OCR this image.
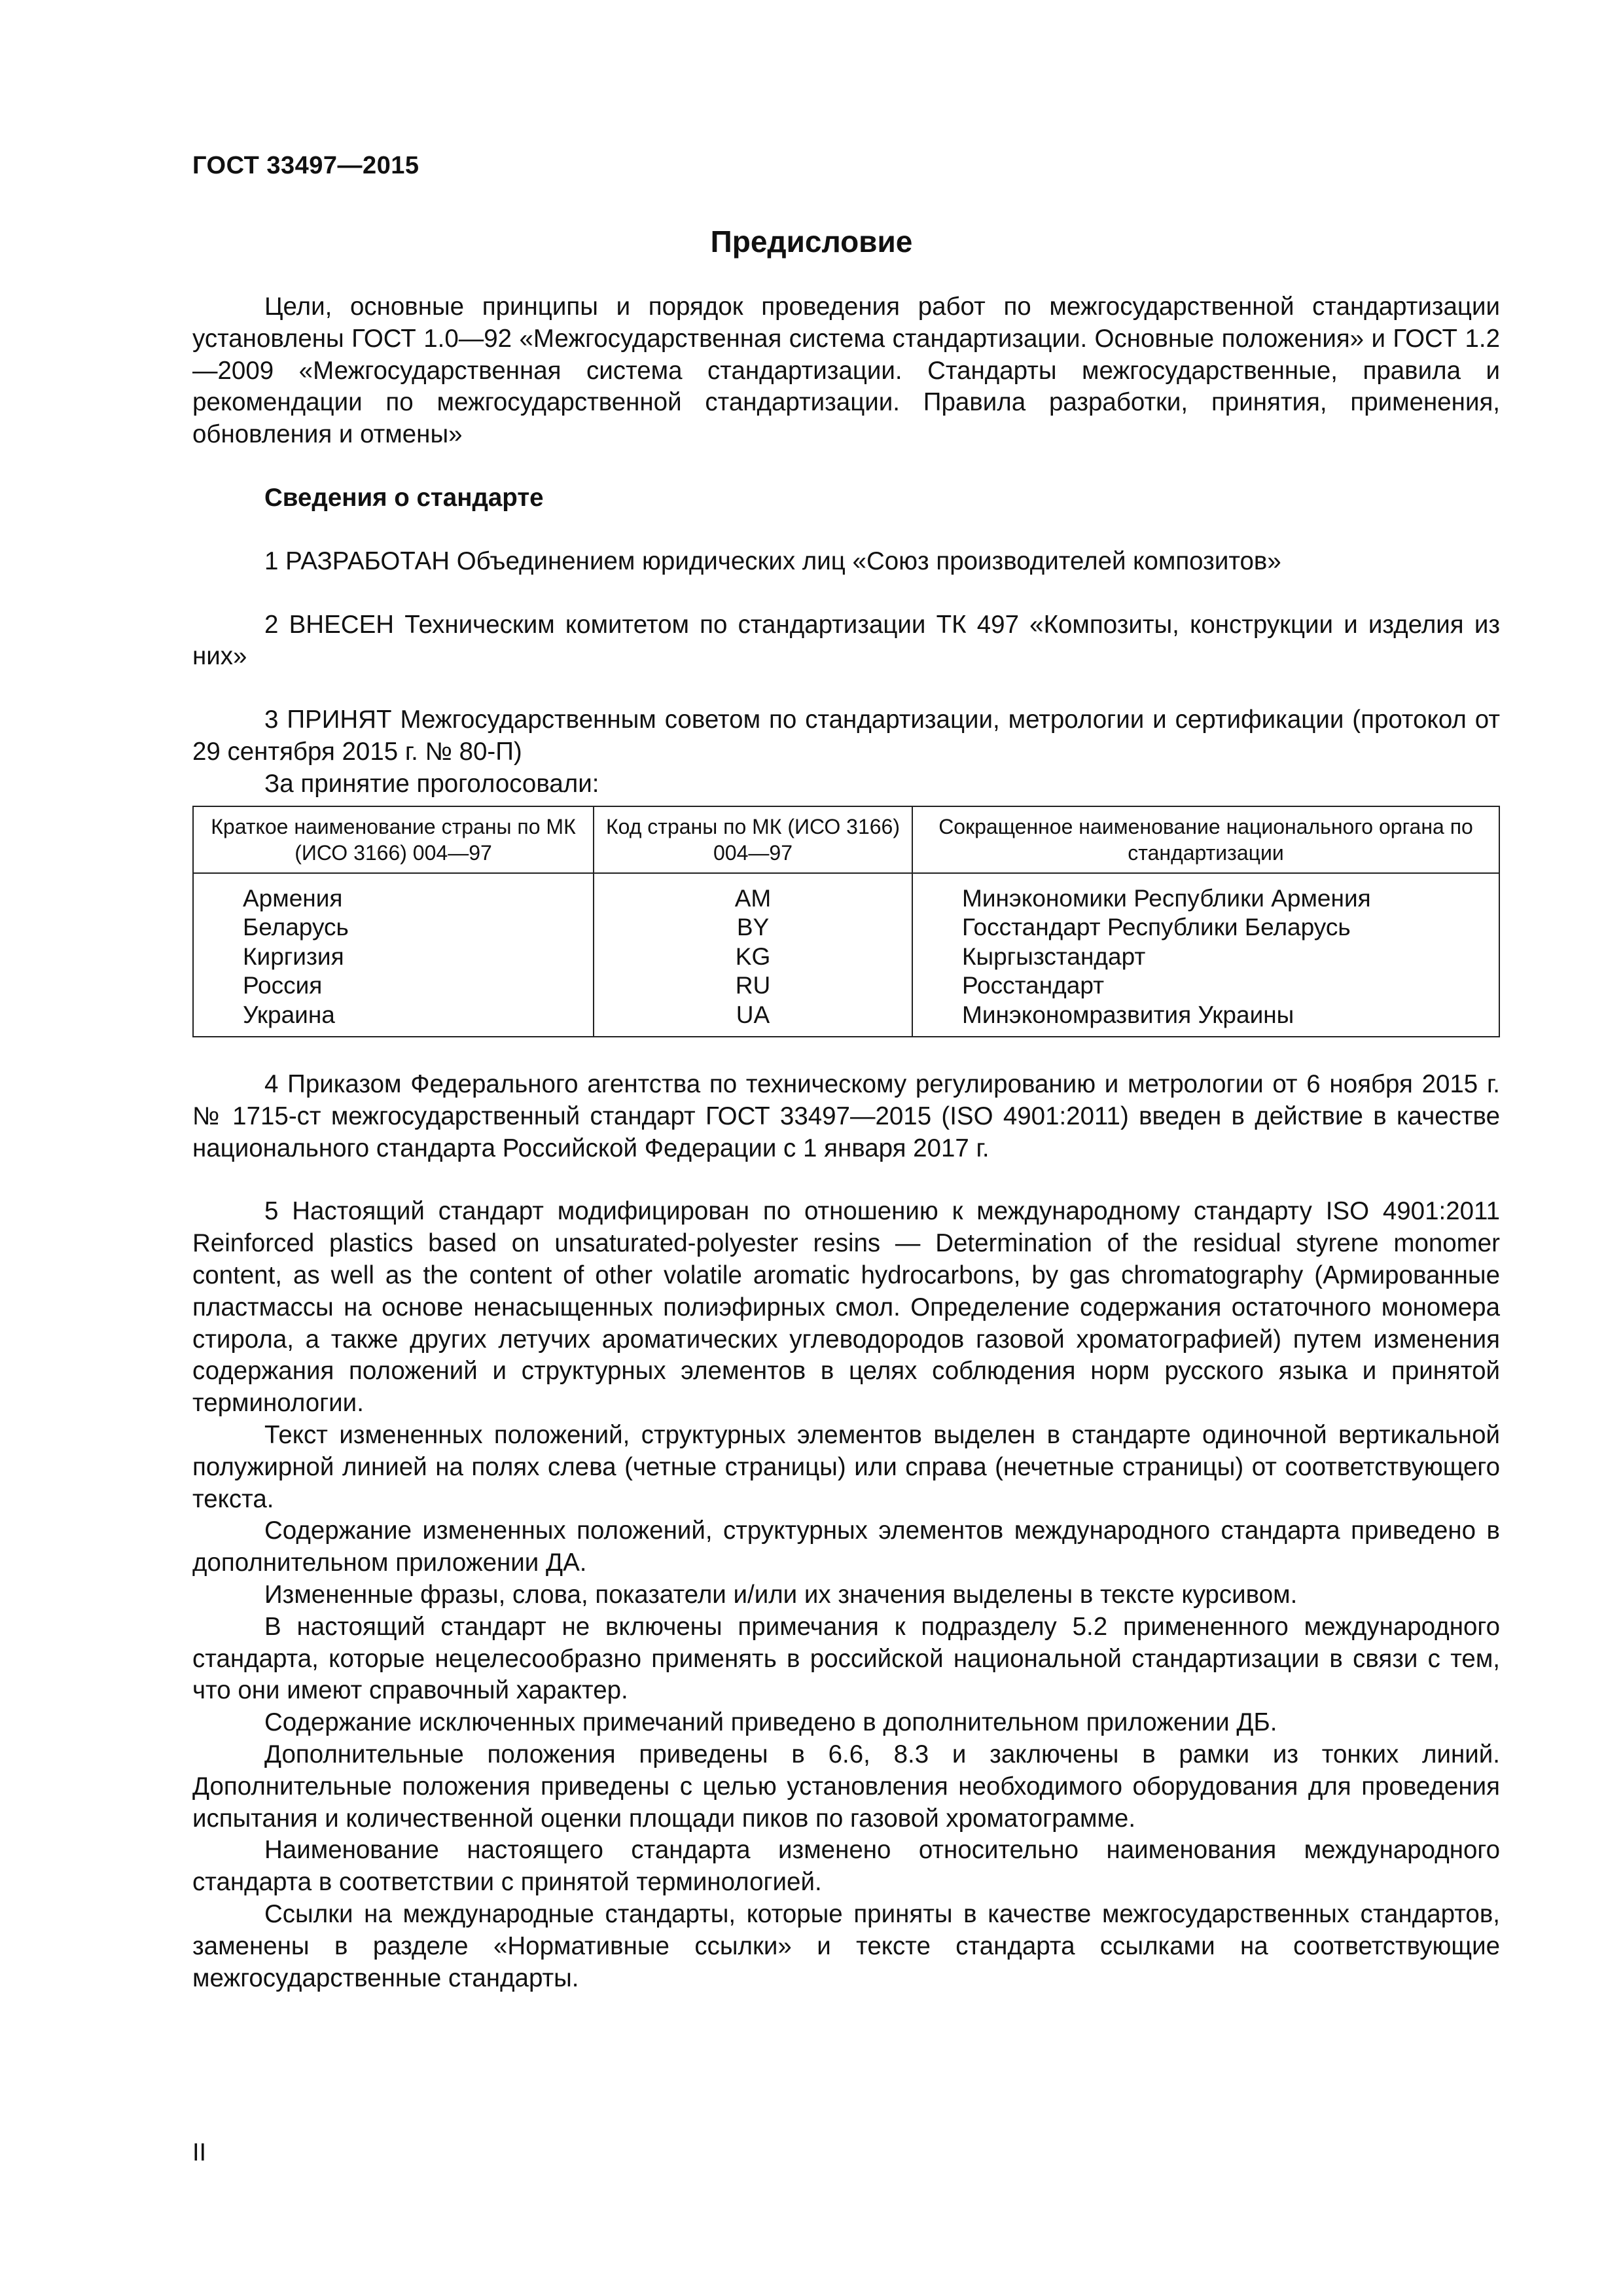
ГОСТ 33497—2015
Предисловие

Цели, основные принципы и порядок проведения работ по межгосударственной стандартизации установлены ГОСТ 1.0—92 «Межгосударственная система стандартизации. Основные положения» и ГОСТ 1.2—2009 «Межгосударственная система стандартизации. Стандарты межгосударственные, правила и рекомендации по межгосударственной стандартизации. Правила разработки, принятия, применения, обновления и отмены»

Сведения о стандарте

1 РАЗРАБОТАН Объединением юридических лиц «Союз производителей композитов»

2 ВНЕСЕН Техническим комитетом по стандартизации ТК 497 «Композиты, конструкции и изделия из них»

3 ПРИНЯТ Межгосударственным советом по стандартизации, метрологии и сертификации (протокол от 29 сентября 2015 г. № 80-П)

За принятие проголосовали:

Краткое наименование страны по МК (ИСО 3166) 004—97	Код страны по МК (ИСО 3166) 004—97	Сокращенное наименование национального органа по стандартизации
Армения	AM	Минэкономики Республики Армения
Беларусь	BY	Госстандарт Республики Беларусь
Киргизия	KG	Кыргызстандарт
Россия	RU	Росстандарт
Украина	UA	Минэкономразвития Украины

4 Приказом Федерального агентства по техническому регулированию и метрологии от 6 ноября 2015 г. № 1715-ст межгосударственный стандарт ГОСТ 33497—2015 (ISO 4901:2011) введен в действие в качестве национального стандарта Российской Федерации с 1 января 2017 г.

5 Настоящий стандарт модифицирован по отношению к международному стандарту ISO 4901:2011 Reinforced plastics based on unsaturated-polyester resins — Determination of the residual styrene monomer content, as well as the content of other volatile aromatic hydrocarbons, by gas chromatography (Армированные пластмассы на основе ненасыщенных полиэфирных смол. Определение содержания остаточного мономера стирола, а также других летучих ароматических углеводородов газовой хроматографией) путем изменения содержания положений и структурных элементов в целях соблюдения норм русского языка и принятой терминологии.

Текст измененных положений, структурных элементов выделен в стандарте одиночной вертикальной полужирной линией на полях слева (четные страницы) или справа (нечетные страницы) от соответствующего текста.

Содержание измененных положений, структурных элементов международного стандарта приведено в дополнительном приложении ДА.

Измененные фразы, слова, показатели и/или их значения выделены в тексте курсивом.

В настоящий стандарт не включены примечания к подразделу 5.2 примененного международного стандарта, которые нецелесообразно применять в российской национальной стандартизации в связи с тем, что они имеют справочный характер.

Содержание исключенных примечаний приведено в дополнительном приложении ДБ.

Дополнительные положения приведены в 6.6, 8.3 и заключены в рамки из тонких линий. Дополнительные положения приведены с целью установления необходимого оборудования для проведения испытания и количественной оценки площади пиков по газовой хроматограмме.

Наименование настоящего стандарта изменено относительно наименования международного стандарта в соответствии с принятой терминологией.

Ссылки на международные стандарты, которые приняты в качестве межгосударственных стандартов, заменены в разделе «Нормативные ссылки» и тексте стандарта ссылками на соответствующие межгосударственные стандарты.

II
